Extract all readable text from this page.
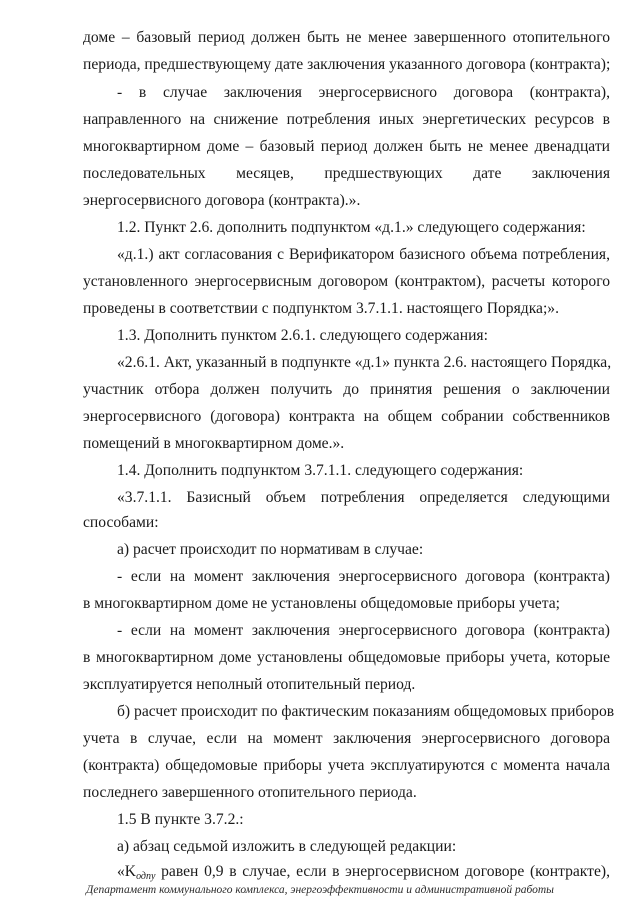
доме – базовый период должен быть не менее завершенного отопительного
периода, предшествующему дате заключения указанного договора (контракта);
- в случае заключения энергосервисного договора (контракта),
направленного на снижение потребления иных энергетических ресурсов в
многоквартирном доме – базовый период должен быть не менее двенадцати
последовательных месяцев, предшествующих дате заключения
энергосервисного договора (контракта).».
1.2. Пункт 2.6. дополнить подпунктом «д.1.» следующего содержания:
«д.1.) акт согласования с Верификатором базисного объема потребления,
установленного энергосервисным договором (контрактом), расчеты которого
проведены в соответствии с подпунктом 3.7.1.1. настоящего Порядка;».
1.3. Дополнить пунктом 2.6.1. следующего содержания:
«2.6.1. Акт, указанный в подпункте «д.1» пункта 2.6. настоящего Порядка,
участник отбора должен получить до принятия решения о заключении
энергосервисного (договора) контракта на общем собрании собственников
помещений в многоквартирном доме.».
1.4. Дополнить подпунктом 3.7.1.1. следующего содержания:
«3.7.1.1. Базисный объем потребления определяется следующими
способами:
а) расчет происходит по нормативам в случае:
- если на момент заключения энергосервисного договора (контракта)
в многоквартирном доме не установлены общедомовые приборы учета;
- если на момент заключения энергосервисного договора (контракта)
в многоквартирном доме установлены общедомовые приборы учета, которые
эксплуатируется неполный отопительный период.
б) расчет происходит по фактическим показаниям общедомовых приборов
учета в случае, если на момент заключения энергосервисного договора
(контракта) общедомовые приборы учета эксплуатируются с момента начала
последнего завершенного отопительного периода.
1.5 В пункте 3.7.2.:
а) абзац седьмой изложить в следующей редакции:
«$K_{одпу}$ равен 0,9 в случае, если в энергосервисном договоре (контракте),
Департамент коммунального комплекса, энергоэффективности и административной работы
